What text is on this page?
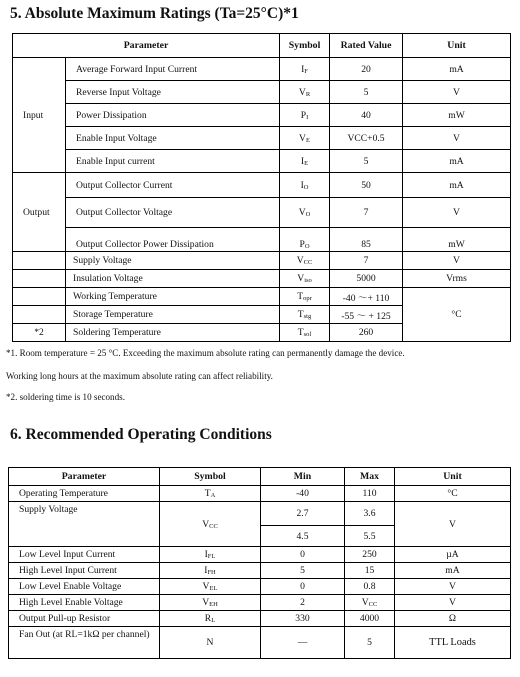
5. Absolute Maximum Ratings (Ta=25°C)*1
Parameter		Symbol	Rated Value	Unit
Input	Average Forward Input Current	IF	20	mA
	Reverse Input Voltage	VR	5	V
	Power Dissipation	PI	40	mW
	Enable Input Voltage	VE	VCC+0.5	V
	Enable Input current	IE	5	mA
Output	Output Collector Current	IO	50	mA
	Output Collector Voltage	VO	7	V
	Output Collector Power Dissipation	PO	85	mW
	Supply Voltage	VCC	7	V
	Insulation Voltage	Viso	5000	Vrms
	Working Temperature	Topr	-40 ～+ 110	°C
	Storage Temperature	Tstg	-55 ～ + 125	
*2	Soldering Temperature	Tsol	260	

*1. Room temperature = 25 °C. Exceeding the maximum absolute rating can permanently damage the device.

Working long hours at the maximum absolute rating can affect reliability.

*2. soldering time is 10 seconds.

6. Recommended Operating Conditions
Parameter	Symbol	Min	Max	Unit
Operating Temperature	TA	-40	110	°C
Supply Voltage	VCC	2.7	3.6	V
		4.5	5.5	
Low Level Input Current	IFL	0	250	µA
High Level Input Current	IFH	5	15	mA
Low Level Enable Voltage	VEL	0	0.8	V
High Level Enable Voltage	VEH	2	VCC	V
Output Pull-up Resistor	RL	330	4000	Ω
Fan Out (at RL=1kΩ per channel)	N	—	5	TTL Loads
